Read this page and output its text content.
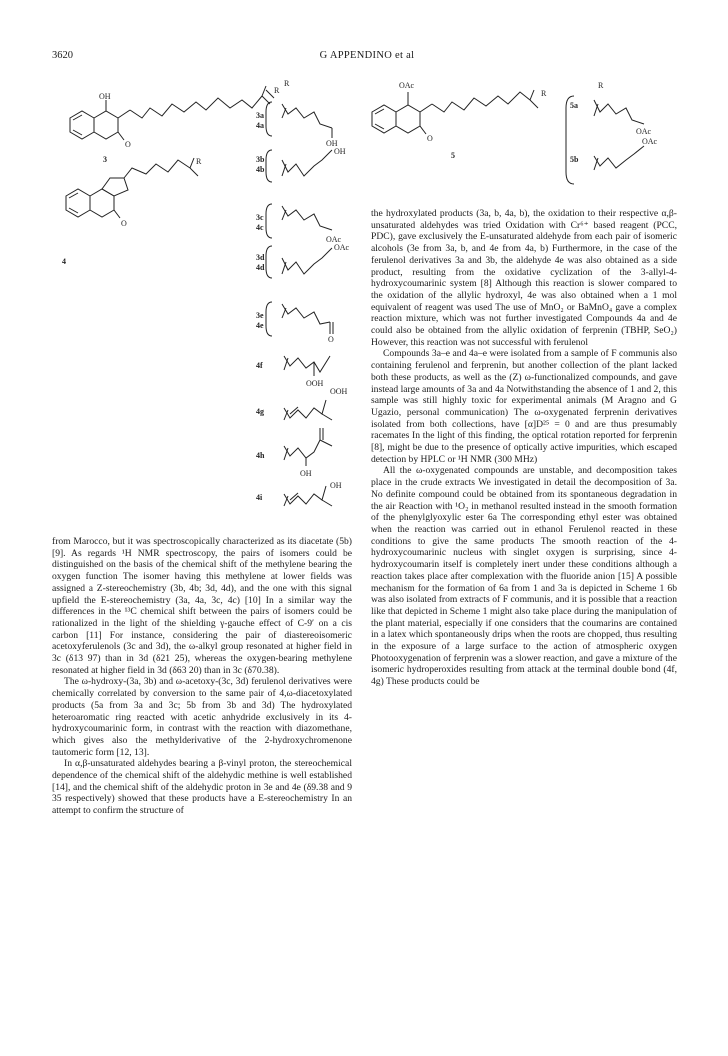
3620	G APPENDINO et al
OH
O
R
3
O
R
4
R
3a
4a
OH
OH
3b
4b
3c
4c
OAc
OAc
3d
4d
3e
4e
O
4f
OOH
OOH
4g
4h
OH
OH
4i
OAc
O
R
5
R
5a
OAc
OAc
5b

the hydroxylated products (3a, b, 4a, b), the oxidation to their respective α,β-unsaturated aldehydes was tried Oxidation with Cr⁶⁺ based reagent (PCC, PDC), gave exclusively the E-unsaturated aldehyde from each pair of isomeric alcohols (3e from 3a, b, and 4e from 4a, b) Furthermore, in the case of the ferulenol derivatives 3a and 3b, the aldehyde 4e was also obtained as a side product, resulting from the oxidative cyclization of the 3-allyl-4-hydroxycoumarinic system [8] Although this reaction is slower compared to the oxidation of the allylic hydroxyl, 4e was also obtained when a 1 mol equivalent of reagent was used The use of MnO₂ or BaMnO₄ gave a complex reaction mixture, which was not further investigated Compounds 4a and 4e could also be obtained from the allylic oxidation of ferprenin (TBHP, SeO₂) However, this reaction was not successful with ferulenol

Compounds 3a–e and 4a–e were isolated from a sample of F communis also containing ferulenol and ferprenin, but another collection of the plant lacked both these products, as well as the (Z) ω-functionalized compounds, and gave instead large amounts of 3a and 4a Notwithstanding the absence of 1 and 2, this sample was still highly toxic for experimental animals (M Aragno and G Ugazio, personal communication) The ω-oxygenated ferprenin derivatives isolated from both collections, have [α]D²⁵ = 0 and are thus presumably racemates In the light of this finding, the optical rotation reported for ferprenin [8], might be due to the presence of optically active impurities, which escaped detection by HPLC or ¹H NMR (300 MHz)

All the ω-oxygenated compounds are unstable, and decomposition takes place in the crude extracts We investigated in detail the decomposition of 3a. No definite compound could be obtained from its spontaneous degradation in the air Reaction with ¹O₂ in methanol resulted instead in the smooth formation of the phenylglyoxylic ester 6a The corresponding ethyl ester was obtained when the reaction was carried out in ethanol Ferulenol reacted in these conditions to give the same products The smooth reaction of the 4-hydroxycoumarinic nucleus with singlet oxygen is surprising, since 4-hydroxycoumarin itself is completely inert under these conditions although a reaction takes place after complexation with the fluoride anion [15] A possible mechanism for the formation of 6a from 1 and 3a is depicted in Scheme 1 6b was also isolated from extracts of F communis, and it is possible that a reaction like that depicted in Scheme 1 might also take place during the manipulation of the plant material, especially if one considers that the coumarins are contained in a latex which spontaneously drips when the roots are chopped, thus resulting in the exposure of a large surface to the action of atmospheric oxygen Photooxygenation of ferprenin was a slower reaction, and gave a mixture of the isomeric hydroperoxides resulting from attack at the terminal double bond (4f, 4g) These products could be

from Marocco, but it was spectroscopically characterized as its diacetate (5b) [9]. As regards ¹H NMR spectroscopy, the pairs of isomers could be distinguished on the basis of the chemical shift of the methylene bearing the oxygen function The isomer having this methylene at lower fields was assigned a Z-stereochemistry (3b, 4b; 3d, 4d), and the one with this signal upfield the E-stereochemistry (3a, 4a, 3c, 4c) [10] In a similar way the differences in the ¹³C chemical shift between the pairs of isomers could be rationalized in the light of the shielding γ-gauche effect of C-9′ on a cis carbon [11] For instance, considering the pair of diastereoisomeric acetoxyferulenols (3c and 3d), the ω-alkyl group resonated at higher field in 3c (δ13 97) than in 3d (δ21 25), whereas the oxygen-bearing methylene resonated at higher field in 3d (δ63 20) than in 3c (δ70.38).

The ω-hydroxy-(3a, 3b) and ω-acetoxy-(3c, 3d) ferulenol derivatives were chemically correlated by conversion to the same pair of 4,ω-diacetoxylated products (5a from 3a and 3c; 5b from 3b and 3d) The hydroxylated heteroaromatic ring reacted with acetic anhydride exclusively in its 4-hydroxycoumarinic form, in contrast with the reaction with diazomethane, which gives also the methylderivative of the 2-hydroxychromenone tautomeric form [12, 13].

In α,β-unsaturated aldehydes bearing a β-vinyl proton, the stereochemical dependence of the chemical shift of the aldehydic methine is well established [14], and the chemical shift of the aldehydic proton in 3e and 4e (δ9.38 and 9 35 respectively) showed that these products have a E-stereochemistry In an attempt to confirm the structure of
